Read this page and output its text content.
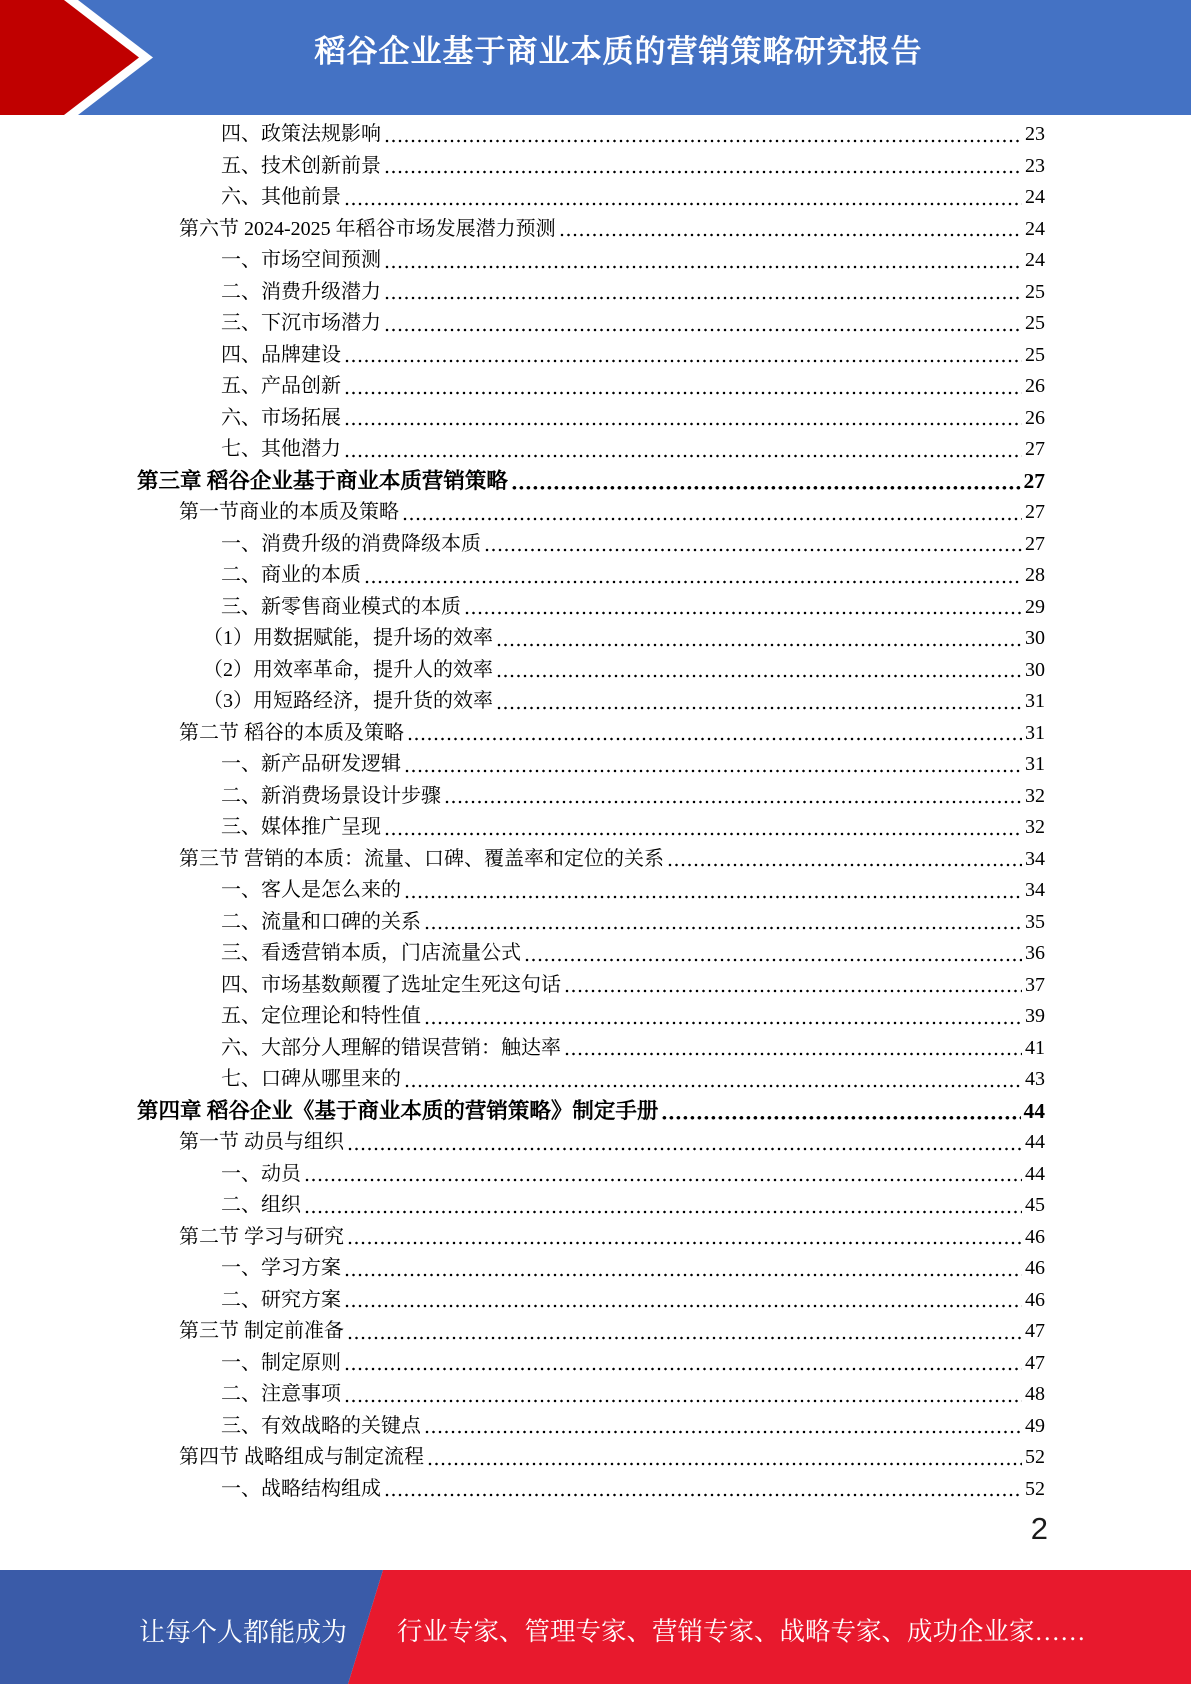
稻谷企业基于商业本质的营销策略研究报告
四、政策法规影响	23
五、技术创新前景	23
六、其他前景	24
第六节 2024-2025 年稻谷市场发展潜力预测	24
一、市场空间预测	24
二、消费升级潜力	25
三、下沉市场潜力	25
四、品牌建设	25
五、产品创新	26
六、市场拓展	26
七、其他潜力	27
第三章 稻谷企业基于商业本质营销策略	27
第一节商业的本质及策略	27
一、消费升级的消费降级本质	27
二、商业的本质	28
三、新零售商业模式的本质	29
（1）用数据赋能，提升场的效率	30
（2）用效率革命，提升人的效率	30
（3）用短路经济，提升货的效率	31
第二节 稻谷的本质及策略	31
一、新产品研发逻辑	31
二、新消费场景设计步骤	32
三、媒体推广呈现	32
第三节 营销的本质：流量、口碑、覆盖率和定位的关系	34
一、客人是怎么来的	34
二、流量和口碑的关系	35
三、看透营销本质，门店流量公式	36
四、市场基数颠覆了选址定生死这句话	37
五、定位理论和特性值	39
六、大部分人理解的错误营销：触达率	41
七、口碑从哪里来的	43
第四章 稻谷企业《基于商业本质的营销策略》制定手册	44
第一节 动员与组织	44
一、动员	44
二、组织	45
第二节 学习与研究	46
一、学习方案	46
二、研究方案	46
第三节 制定前准备	47
一、制定原则	47
二、注意事项	48
三、有效战略的关键点	49
第四节 战略组成与制定流程	52
一、战略结构组成	52
2
让每个人都能成为 行业专家、管理专家、营销专家、战略专家、成功企业家……
